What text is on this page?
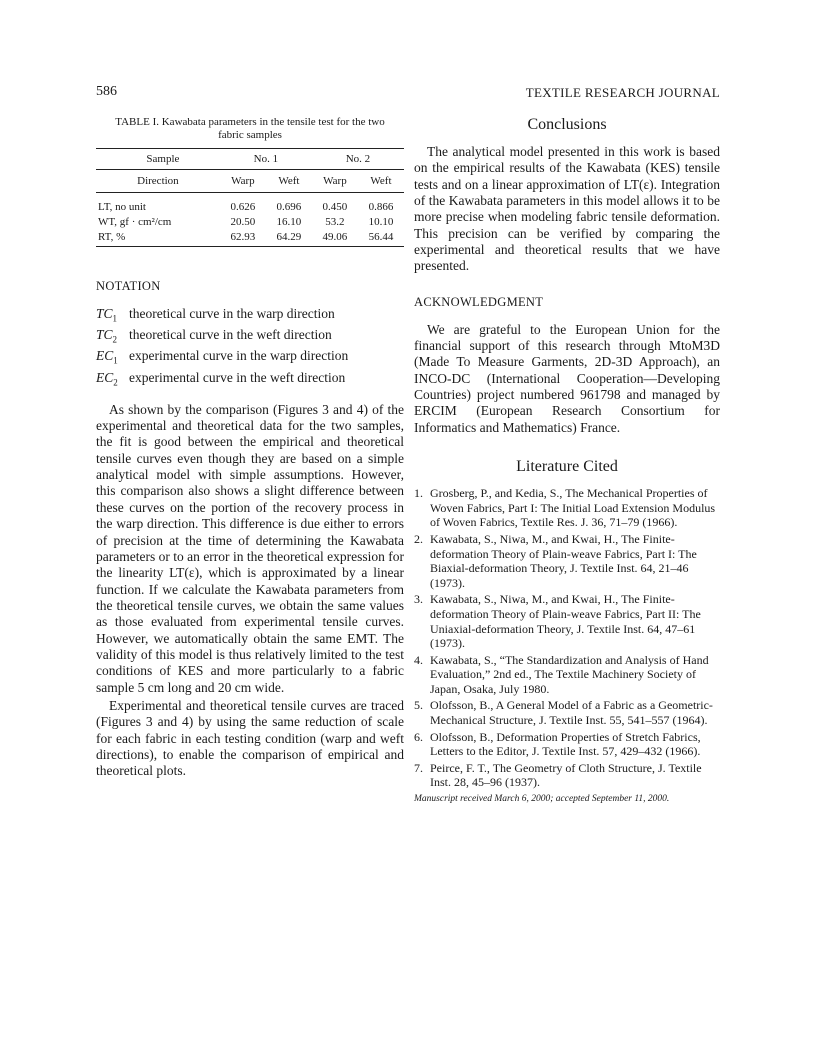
586	TEXTILE RESEARCH JOURNAL
TABLE I. Kawabata parameters in the tensile test for the two fabric samples
Sample	No. 1		No. 2	
Direction	Warp	Weft	Warp	Weft
LT, no unit	0.626	0.696	0.450	0.866
WT, gf · cm²/cm	20.50	16.10	53.2	10.10
RT, %	62.93	64.29	49.06	56.44
NOTATION
$TC_1$ theoretical curve in the warp direction
$TC_2$ theoretical curve in the weft direction
$EC_1$ experimental curve in the warp direction
$EC_2$ experimental curve in the weft direction

As shown by the comparison (Figures 3 and 4) of the experimental and theoretical data for the two samples, the fit is good between the empirical and theoretical tensile curves even though they are based on a simple analytical model with simple assumptions. However, this comparison also shows a slight difference between these curves on the portion of the recovery process in the warp direction. This difference is due either to errors of precision at the time of determining the Kawabata parameters or to an error in the theoretical expression for the linearity LT(ε), which is approximated by a linear function. If we calculate the Kawabata parameters from the theoretical tensile curves, we obtain the same values as those evaluated from experimental tensile curves. However, we automatically obtain the same EMT. The validity of this model is thus relatively limited to the test conditions of KES and more particularly to a fabric sample 5 cm long and 20 cm wide.

Experimental and theoretical tensile curves are traced (Figures 3 and 4) by using the same reduction of scale for each fabric in each testing condition (warp and weft directions), to enable the comparison of empirical and theoretical plots.

Conclusions

The analytical model presented in this work is based on the empirical results of the Kawabata (KES) tensile tests and on a linear approximation of LT(ε). Integration of the Kawabata parameters in this model allows it to be more precise when modeling fabric tensile deformation. This precision can be verified by comparing the experimental and theoretical results that we have presented.

ACKNOWLEDGMENT

We are grateful to the European Union for the financial support of this research through MtoM3D (Made To Measure Garments, 2D-3D Approach), an INCO-DC (International Cooperation—Developing Countries) project numbered 961798 and managed by ERCIM (European Research Consortium for Informatics and Mathematics) France.

Literature Cited
1. Grosberg, P., and Kedia, S., The Mechanical Properties of Woven Fabrics, Part I: The Initial Load Extension Modulus of Woven Fabrics, Textile Res. J. 36, 71–79 (1966).
2. Kawabata, S., Niwa, M., and Kwai, H., The Finite-deformation Theory of Plain-weave Fabrics, Part I: The Biaxial-deformation Theory, J. Textile Inst. 64, 21–46 (1973).
3. Kawabata, S., Niwa, M., and Kwai, H., The Finite-deformation Theory of Plain-weave Fabrics, Part II: The Uniaxial-deformation Theory, J. Textile Inst. 64, 47–61 (1973).
4. Kawabata, S., “The Standardization and Analysis of Hand Evaluation,” 2nd ed., The Textile Machinery Society of Japan, Osaka, July 1980.
5. Olofsson, B., A General Model of a Fabric as a Geometric-Mechanical Structure, J. Textile Inst. 55, 541–557 (1964).
6. Olofsson, B., Deformation Properties of Stretch Fabrics, Letters to the Editor, J. Textile Inst. 57, 429–432 (1966).
7. Peirce, F. T., The Geometry of Cloth Structure, J. Textile Inst. 28, 45–96 (1937).
Manuscript received March 6, 2000; accepted September 11, 2000.
